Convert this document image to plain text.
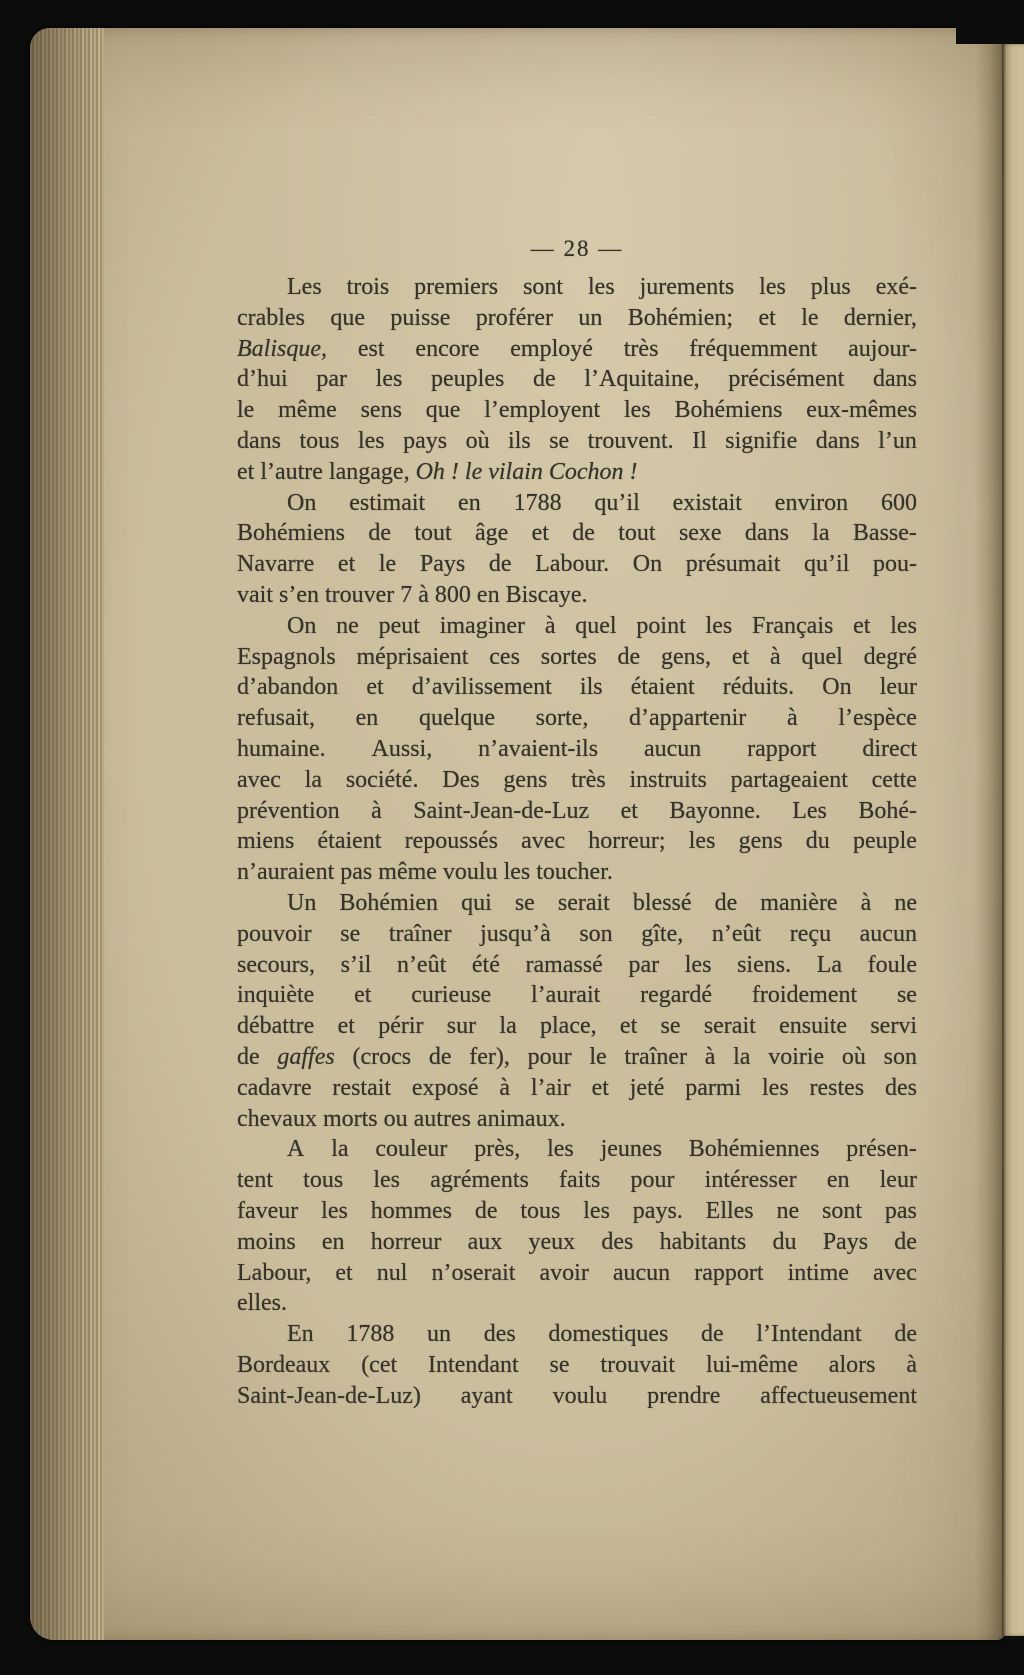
— 28 —
Les trois premiers sont les jurements les plus exé-
crables que puisse proférer un Bohémien; et le dernier,
Balisque, est encore employé très fréquemment aujour-
d’hui par les peuples de l’Aquitaine, précisément dans
le même sens que l’employent les Bohémiens eux-mêmes
dans tous les pays où ils se trouvent. Il signifie dans l’un
et l’autre langage, Oh ! le vilain Cochon !
On estimait en 1788 qu’il existait environ 600
Bohémiens de tout âge et de tout sexe dans la Basse-
Navarre et le Pays de Labour. On présumait qu’il pou-
vait s’en trouver 7 à 800 en Biscaye.
On ne peut imaginer à quel point les Français et les
Espagnols méprisaient ces sortes de gens, et à quel degré
d’abandon et d’avilissement ils étaient réduits. On leur
refusait, en quelque sorte, d’appartenir à l’espèce
humaine. Aussi, n’avaient-ils aucun rapport direct
avec la société. Des gens très instruits partageaient cette
prévention à Saint-Jean-de-Luz et Bayonne. Les Bohé-
miens étaient repoussés avec horreur; les gens du peuple
n’auraient pas même voulu les toucher.
Un Bohémien qui se serait blessé de manière à ne
pouvoir se traîner jusqu’à son gîte, n’eût reçu aucun
secours, s’il n’eût été ramassé par les siens. La foule
inquiète et curieuse l’aurait regardé froidement se
débattre et périr sur la place, et se serait ensuite servi
de gaffes (crocs de fer), pour le traîner à la voirie où son
cadavre restait exposé à l’air et jeté parmi les restes des
chevaux morts ou autres animaux.
A la couleur près, les jeunes Bohémiennes présen-
tent tous les agréments faits pour intéresser en leur
faveur les hommes de tous les pays. Elles ne sont pas
moins en horreur aux yeux des habitants du Pays de
Labour, et nul n’oserait avoir aucun rapport intime avec
elles.
En 1788 un des domestiques de l’Intendant de
Bordeaux (cet Intendant se trouvait lui-même alors à
Saint-Jean-de-Luz) ayant voulu prendre affectueusement
